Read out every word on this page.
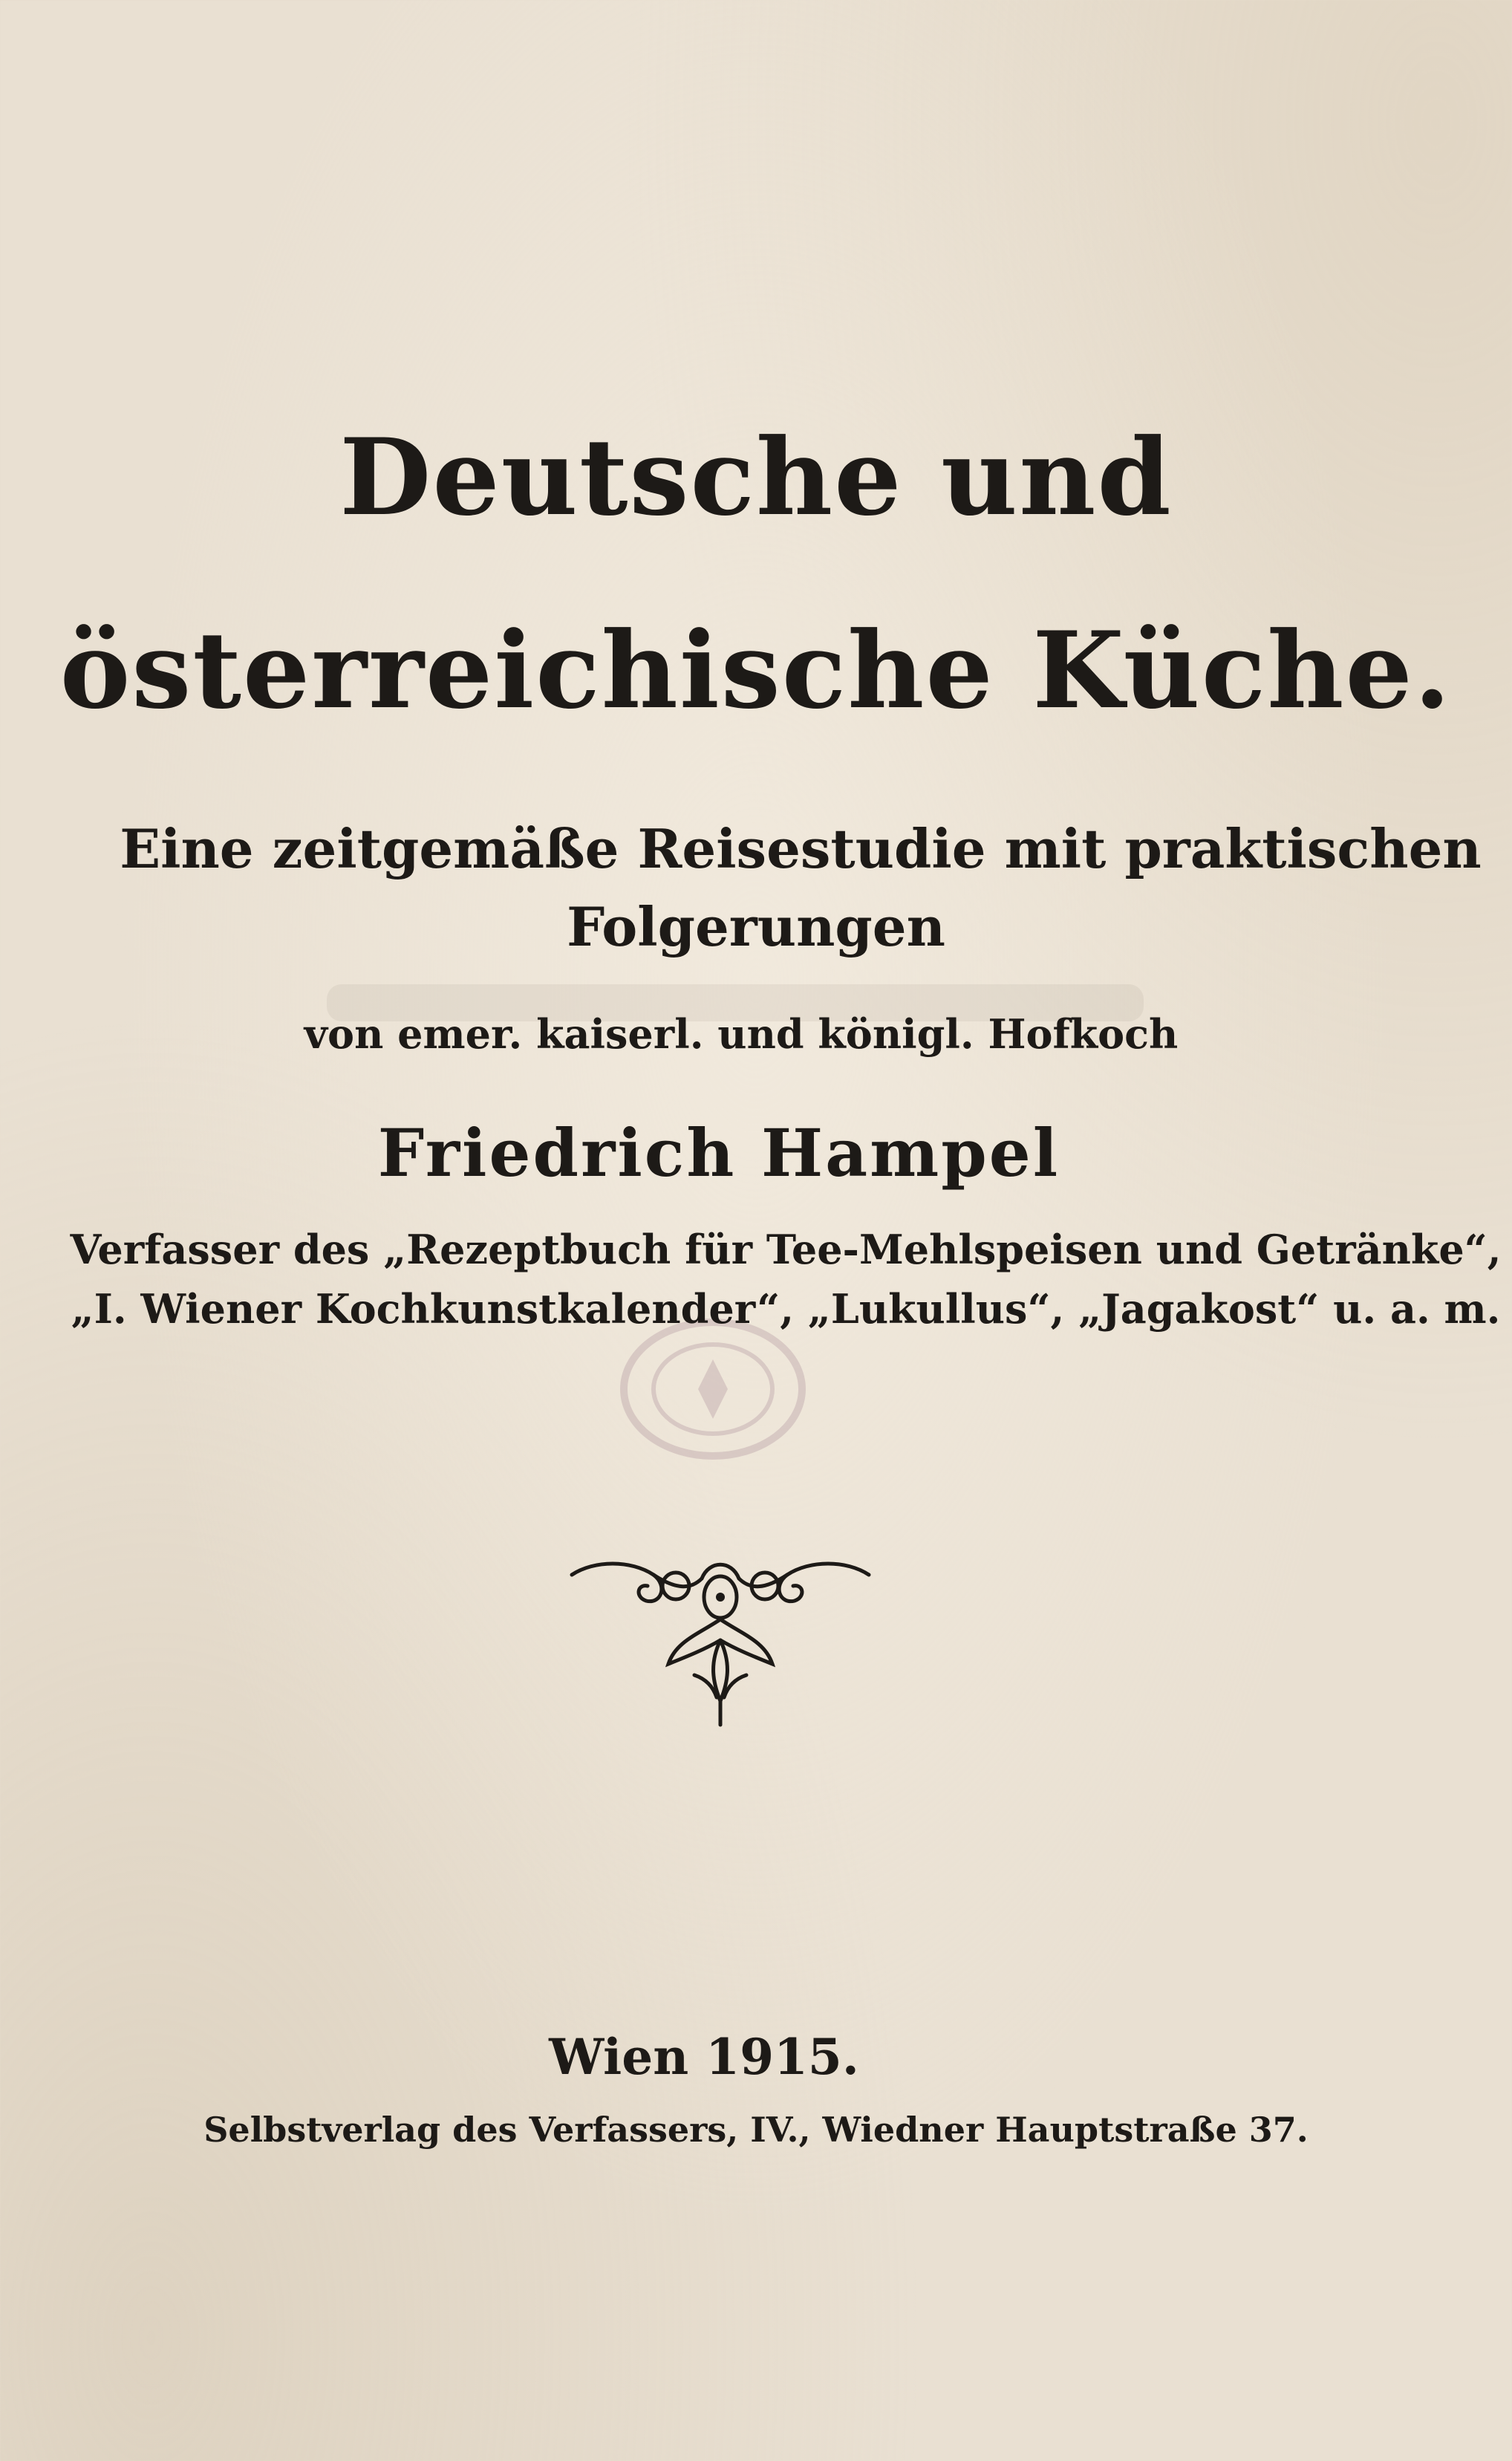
Deutsche und
österreichische Küche.
Eine zeitgemäße Reisestudie mit praktischen
Folgerungen
von emer. kaiserl. und königl. Hofkoch
Friedrich Hampel
Verfasser des „Rezeptbuch für Tee-Mehlspeisen und Getränke“,
„I. Wiener Kochkunstkalender“, „Lukullus“, „Jagakost“ u. a. m.
Wien 1915.
Selbstverlag des Verfassers, IV., Wiedner Hauptstraße 37.
